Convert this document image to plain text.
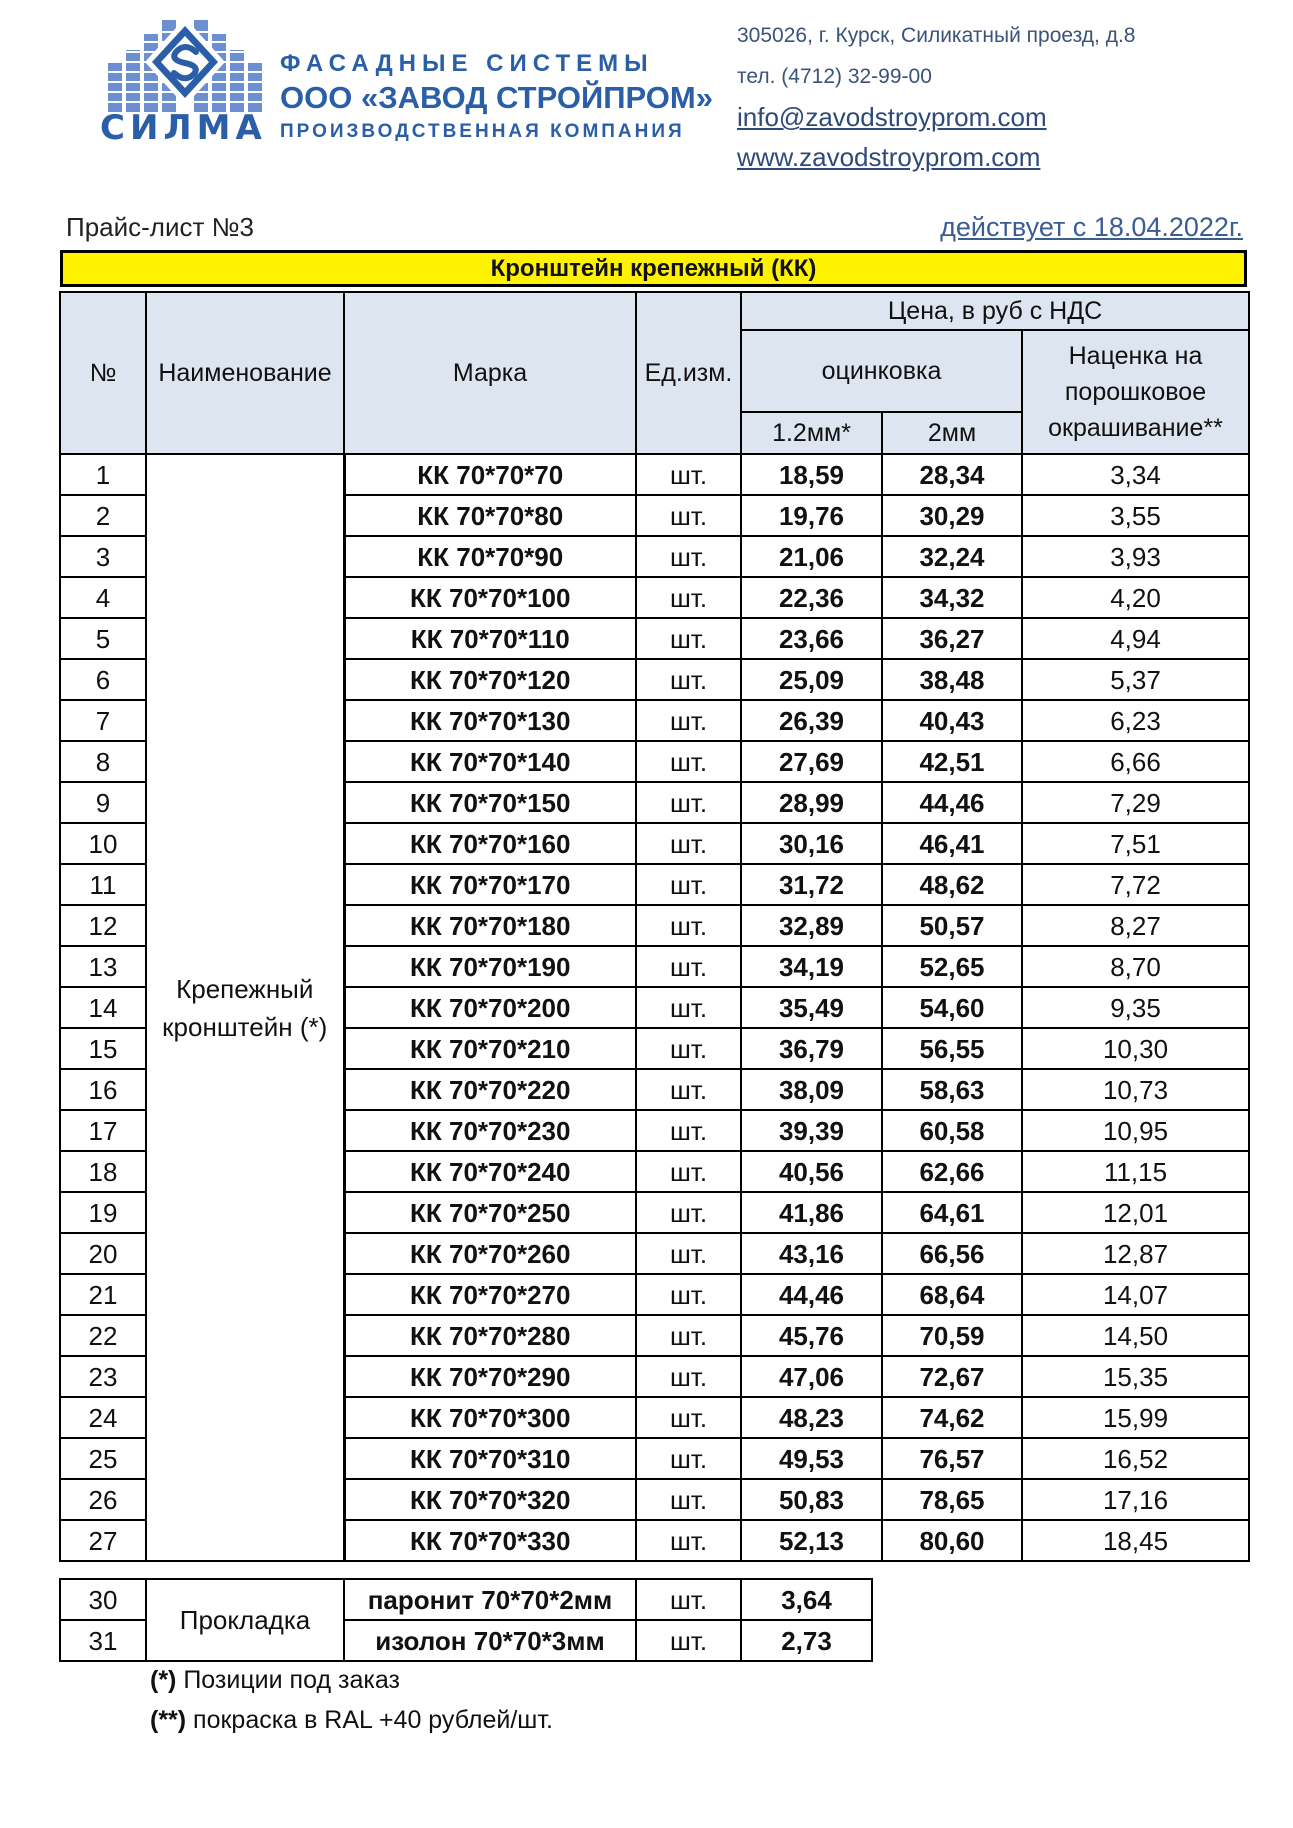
СИЛМА
ФАСАДНЫЕ СИСТЕМЫ
ООО «ЗАВОД СТРОЙПРОМ»
ПРОИЗВОДСТВЕННАЯ КОМПАНИЯ
305026, г. Курск, Силикатный проезд, д.8
тел. (4712) 32-99-00
info@zavodstroyprom.com
www.zavodstroyprom.com
Прайс-лист №3	действует с 18.04.2022г.
Кронштейн крепежный (КК)
№	Наименование	Марка	Ед.изм.	Цена, в руб с НДС		
				оцинковка		Наценка на порошковое окрашивание**
				1.2мм*	2мм	
1	Крепежный кронштейн (*)	КК 70*70*70	шт.	18,59	28,34	3,34
2		КК 70*70*80	шт.	19,76	30,29	3,55
3		КК 70*70*90	шт.	21,06	32,24	3,93
4		КК 70*70*100	шт.	22,36	34,32	4,20
5		КК 70*70*110	шт.	23,66	36,27	4,94
6		КК 70*70*120	шт.	25,09	38,48	5,37
7		КК 70*70*130	шт.	26,39	40,43	6,23
8		КК 70*70*140	шт.	27,69	42,51	6,66
9		КК 70*70*150	шт.	28,99	44,46	7,29
10		КК 70*70*160	шт.	30,16	46,41	7,51
11		КК 70*70*170	шт.	31,72	48,62	7,72
12		КК 70*70*180	шт.	32,89	50,57	8,27
13		КК 70*70*190	шт.	34,19	52,65	8,70
14		КК 70*70*200	шт.	35,49	54,60	9,35
15		КК 70*70*210	шт.	36,79	56,55	10,30
16		КК 70*70*220	шт.	38,09	58,63	10,73
17		КК 70*70*230	шт.	39,39	60,58	10,95
18		КК 70*70*240	шт.	40,56	62,66	11,15
19		КК 70*70*250	шт.	41,86	64,61	12,01
20		КК 70*70*260	шт.	43,16	66,56	12,87
21		КК 70*70*270	шт.	44,46	68,64	14,07
22		КК 70*70*280	шт.	45,76	70,59	14,50
23		КК 70*70*290	шт.	47,06	72,67	15,35
24		КК 70*70*300	шт.	48,23	74,62	15,99
25		КК 70*70*310	шт.	49,53	76,57	16,52
26		КК 70*70*320	шт.	50,83	78,65	17,16
27		КК 70*70*330	шт.	52,13	80,60	18,45
30	Прокладка	паронит 70*70*2мм	шт.	3,64
31		изолон 70*70*3мм	шт.	2,73
(*) Позиции под заказ
(**) покраска в RAL +40 рублей/шт.
